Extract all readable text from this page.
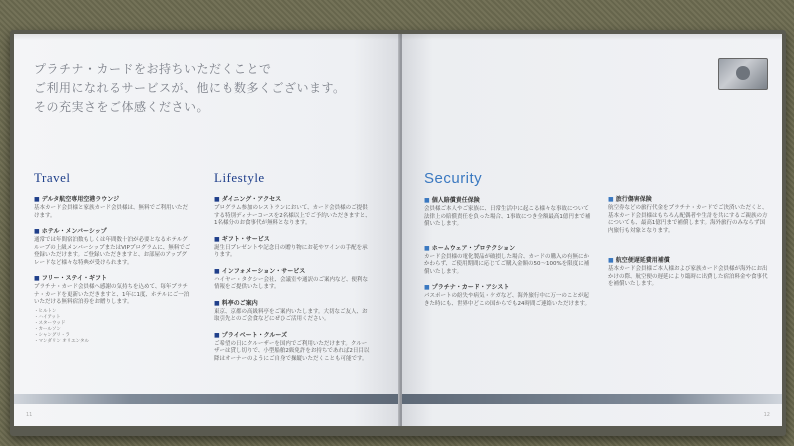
プラチナ・カードをお持ちいただくことで
ご利用になれるサービスが、他にも数多くございます。
その充実さをご体感ください。
Travel
■ デルタ航空専用空港ラウンジ
基本カード会員様と家族カード会員様は、無料でご利用いただけます。
■ ホテル・メンバーシップ
通常では年間宿泊数もしくは年間数十泊が必要となるホテルグループの上級メンバーシップまたはVIPプログラムに、無料でご登録いただけます。ご登録いただきますと、お部屋のアップグレードなど様々な特典が受けられます。
■ フリー・ステイ・ギフト
プラチナ・カード会員様へ感謝の気持ちを込めて、毎年プラチナ・カードを更新いただきますと、1年に1度、ホテルにご一泊いただける無料宿泊券をお贈りします。
・ヒルトン
・ハイアット
・スターウッド
・カールソン
・シャングリ・ラ
・マンダリン オリエンタル
Lifestyle
■ ダイニング・アクセス
プログラム参加のレストランにおいて、カード会員様のご提供する特別ディナーコースを2名様以上でご予約いただきますと、1名様分のお食事代が無料となります。
■ ギフト・サービス
誕生日プレゼントや記念日の贈り物にお花やワインの手配を承ります。
■ インフォメーション・サービス
ハイヤー・タクシー会社、会議室や通訳のご案内など、便利な情報をご提供いたします。
■ 料亭のご案内
東京、京都の高級料亭をご案内いたします。大切なご友人、お取引先とのご会食などにぜひご活用ください。
■ プライベート・クルーズ
ご希望の日にクルーザーを国内でご利用いただけます。クルーザーは貸し切りで、小型船舶2級免許をお持ちであれば2日目以降はオーナーのようにご自身で操縦いただくことも可能です。
11
Security
■ 個人賠償責任保険
会員様ご本人やご家族に、日常生活中に起こる様々な事故について法律上の賠償責任を負った場合、1事故につき全額最高1億円まで補償いたします。
■ ホームウェア・プロテクション
カード会員様の電化製品が破損した場合、カードの購入の有無にかかわらず、ご使用期間に応じてご購入金額の50〜100%を限度に補償いたします。
■ プラチナ・カード・アシスト
パスポートの紛失や病気・ケガなど、海外旅行中に万一のことが起きた時にも、世界中どこの国からでも24時間ご連絡いただけます。
■ 旅行傷害保険
航空券などの旅行代金をプラチナ・カードでご決済いただくと、基本カード会員様はもちろん配偶者や生計を共にするご親族の方についても、最高1億円まで補償します。海外旅行のみならず国内旅行も対象となります。
■ 航空便遅延費用補償
基本カード会員様ご本人様および家族カード会員様が海外にお出かけの際、航空便の遅延により臨時に出費した宿泊料金や食事代を補償いたします。
12
